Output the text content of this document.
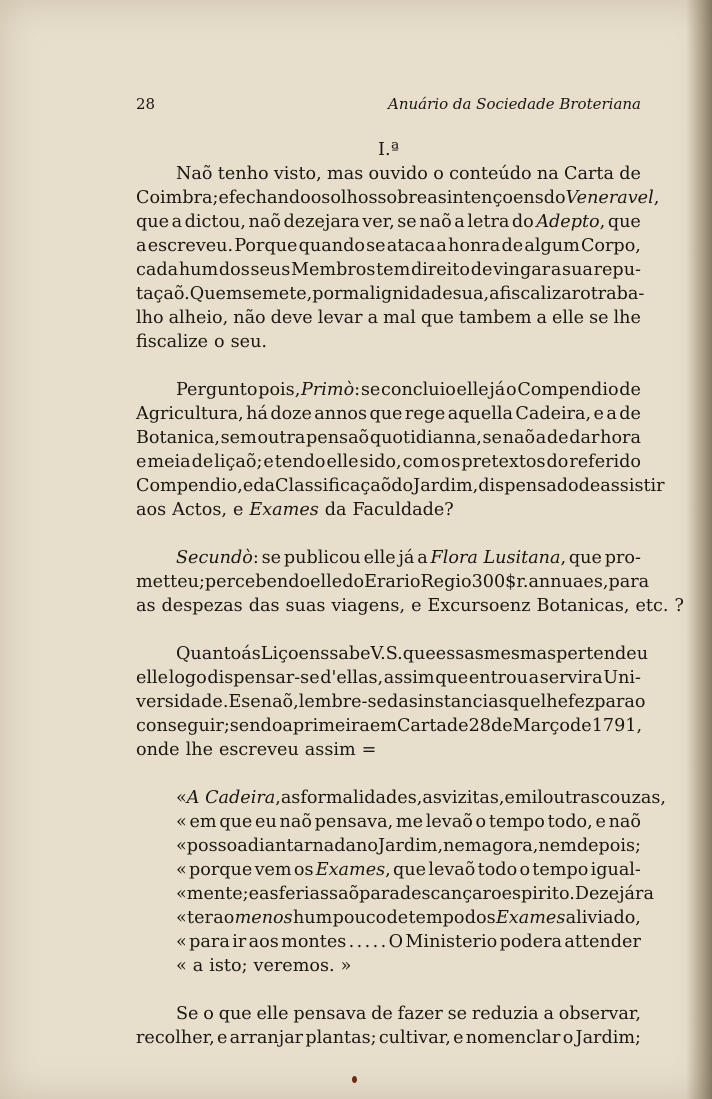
28	Anuário da Sociedade Broteriana
I.ª
Naõ tenho visto, mas ouvido o conteúdo na Carta de
Coimbra; e fechando os olhos sobre as intençoens do Veneravel,
que a dictou, naõ dezejara ver, se naõ a letra do Adepto, que
a escreveu. Porque quando se ataca a honra de algum Corpo,
cada hum dos seus Membros tem direito de vingar a sua repu-
taçaõ. Quem se mete, por malignidade sua, a fiscalizar o traba-
lho alheio, não deve levar a mal que tambem a elle se lhe
fiscalize o seu.
Pergunto pois, Primò: se concluio elle já o Compendio de
Agricultura, há doze annos que rege aquella Cadeira, e a de
Botanica, sem outra pensaõ quotidianna, se naõ a de dar hora
e meia de liçaõ; e tendo elle sido, com os pretextos do referido
Compendio, e da Classificaçaõ do Jardim, dispensado de assistir
aos Actos, e Exames da Faculdade?
Secundò: se publicou elle já a Flora Lusitana, que pro-
metteu; percebendo elle do Erario Regio 300$ r. annuaes, para
as despezas das suas viagens, e Excursoenz Botanicas, etc. ?
Quanto ás Liçoens sabe V. S. que essas mesmas pertendeu
elle logo dispensar-se d'ellas, assim que entrou a servir a Uni-
versidade. E se naõ, lembre-se das instancias que lhe fez para o
conseguir; sendo a primeira em Carta de 28 de Março de 1791,
onde lhe escreveu assim =
« A Cadeira, as formalidades, as vizitas, e mil outras couzas,
« em que eu naõ pensava, me levaõ o tempo todo, e naõ
« posso adiantar nada no Jardim, nem agora, nem depois;
« porque vem os Exames, que levaõ todo o tempo igual-
« mente; e as ferias saõ para descançar o espirito. Dezejára
« ter ao menos hum pouco de tempo dos Exames aliviado,
« para ir aos montes . . . . . O Ministerio podera attender
« a isto; veremos. »
Se o que elle pensava de fazer se reduzia a observar,
recolher, e arranjar plantas; cultivar, e nomenclar o Jardim;
